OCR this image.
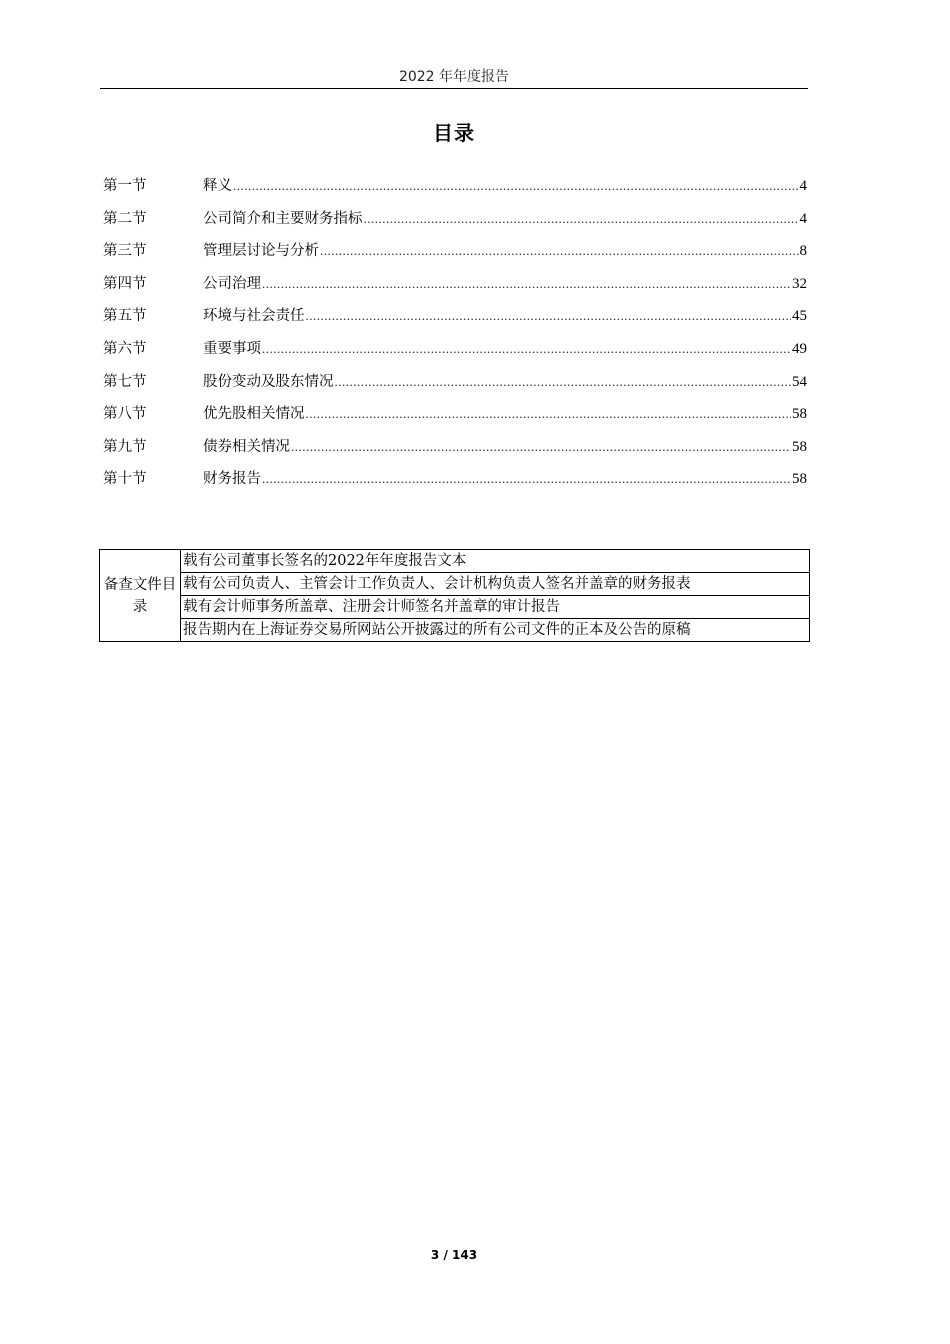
2022 年年度报告
目录
第一节	释义 .....	4
第二节	公司简介和主要财务指标 .....	4
第三节	管理层讨论与分析 .....	8
第四节	公司治理 .....	32
第五节	环境与社会责任 .....	45
第六节	重要事项 .....	49
第七节	股份变动及股东情况 .....	54
第八节	优先股相关情况 .....	58
第九节	债券相关情况 .....	58
第十节	财务报告 .....	58
备查文件目录	载有公司董事长签名的2022年年度报告文本
载有公司负责人、主管会计工作负责人、会计机构负责人签名并盖章的财务报表
载有会计师事务所盖章、注册会计师签名并盖章的审计报告
报告期内在上海证券交易所网站公开披露过的所有公司文件的正本及公告的原稿
3 / 143
